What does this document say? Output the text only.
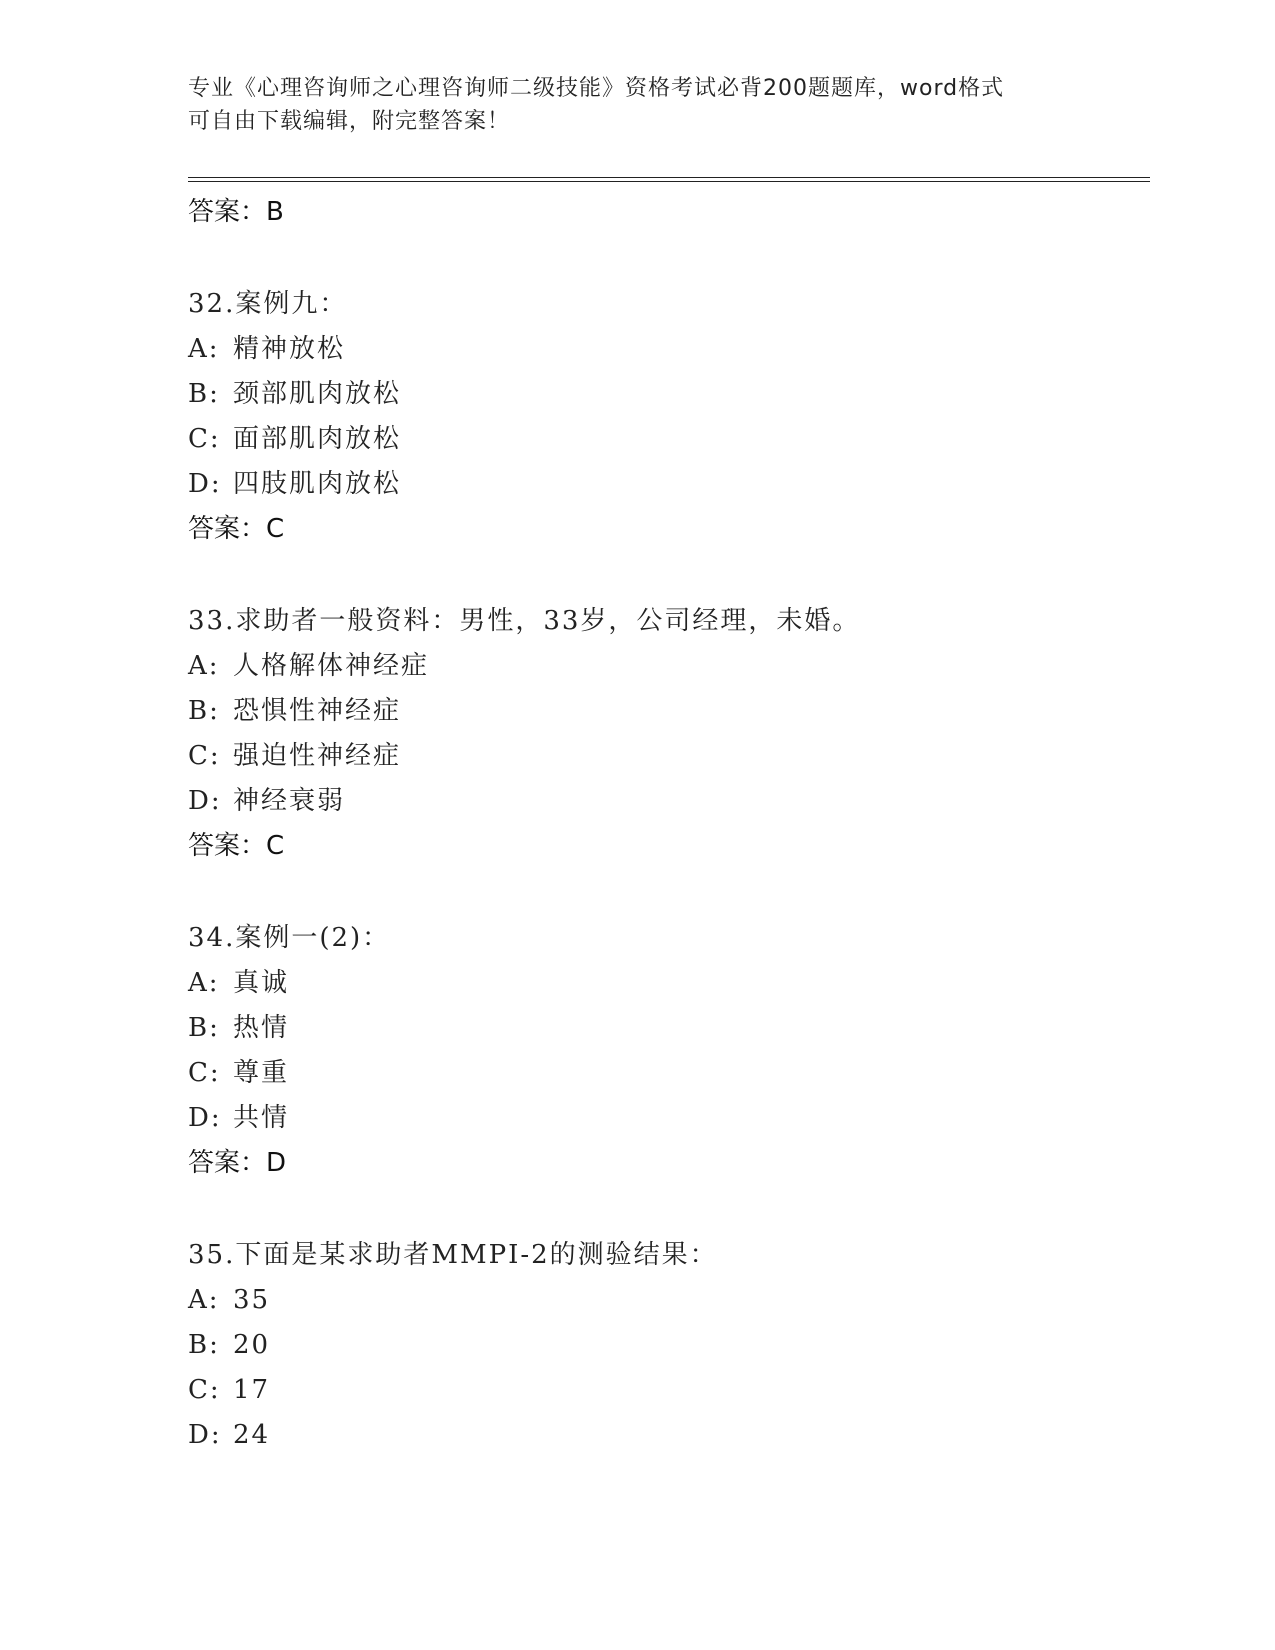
专业《心理咨询师之心理咨询师二级技能》资格考试必背200题题库，word格式
可自由下载编辑，附完整答案！
答案：B
32.案例九：
A: 精神放松
B: 颈部肌肉放松
C: 面部肌肉放松
D: 四肢肌肉放松
答案：C
33.求助者一般资料：男性，33岁，公司经理，未婚。
A: 人格解体神经症
B: 恐惧性神经症
C: 强迫性神经症
D: 神经衰弱
答案：C
34.案例一(2)：
A: 真诚
B: 热情
C: 尊重
D: 共情
答案：D
35.下面是某求助者MMPI-2的测验结果：
A: 35
B: 20
C: 17
D: 24
